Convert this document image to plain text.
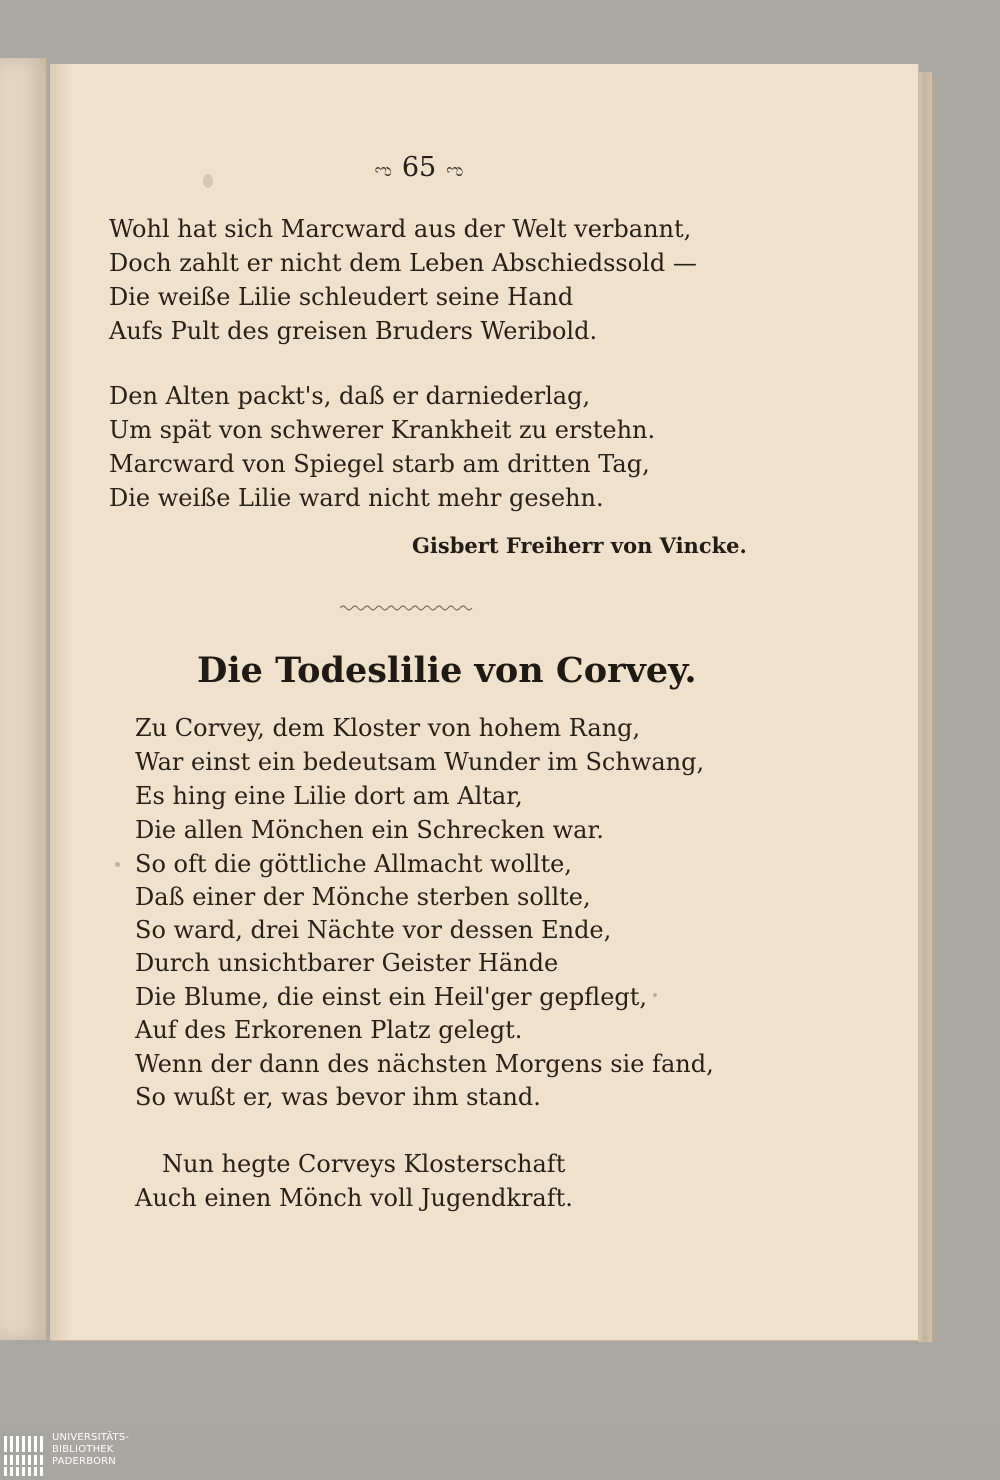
ಌ 65 ಌ
Wohl hat sich Marcward aus der Welt verbannt,
Doch zahlt er nicht dem Leben Abschiedssold —
Die weiße Lilie schleudert seine Hand
Aufs Pult des greisen Bruders Weribold.
Den Alten packt's, daß er darniederlag,
Um spät von schwerer Krankheit zu erstehn.
Marcward von Spiegel starb am dritten Tag,
Die weiße Lilie ward nicht mehr gesehn.
Gisbert Freiherr von Vincke.
Die Todeslilie von Corvey.
Zu Corvey, dem Kloster von hohem Rang,
War einst ein bedeutsam Wunder im Schwang,
Es hing eine Lilie dort am Altar,
Die allen Mönchen ein Schrecken war.
So oft die göttliche Allmacht wollte,
Daß einer der Mönche sterben sollte,
So ward, drei Nächte vor dessen Ende,
Durch unsichtbarer Geister Hände
Die Blume, die einst ein Heil'ger gepflegt,
Auf des Erkorenen Platz gelegt.
Wenn der dann des nächsten Morgens sie fand,
So wußt er, was bevor ihm stand.
Nun hegte Corveys Klosterschaft
Auch einen Mönch voll Jugendkraft.
UNIVERSITÄTS-
BIBLIOTHEK
PADERBORN
